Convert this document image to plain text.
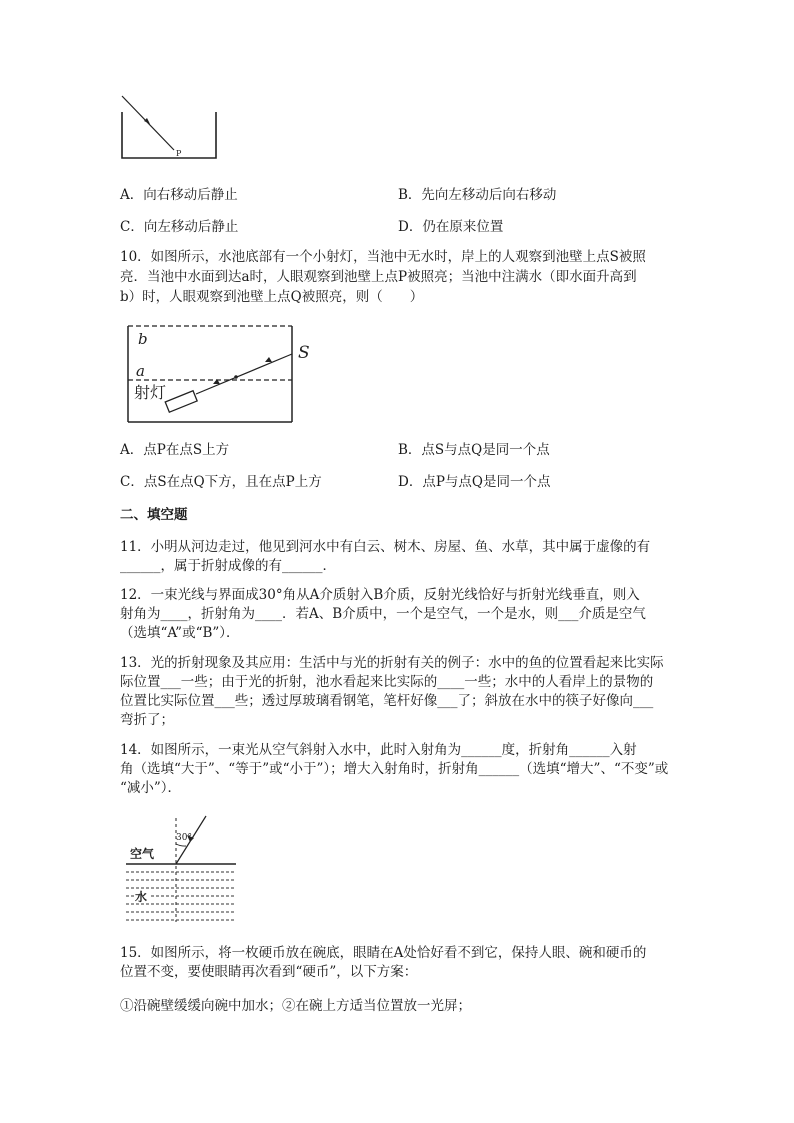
P
A．向右移动后静止	B．先向左移动后向右移动
C．向左移动后静止	D．仍在原来位置
10．如图所示，水池底部有一个小射灯，当池中无水时，岸上的人观察到池壁上点S被照
亮．当池中水面到达a时，人眼观察到池壁上点P被照亮；当池中注满水（即水面升高到
b）时，人眼观察到池壁上点Q被照亮，则（　　）
b
a
S
射灯
A．点P在点S上方	B．点S与点Q是同一个点
C．点S在点Q下方，且在点P上方	D．点P与点Q是同一个点
二、填空题
11．小明从河边走过，他见到河水中有白云、树木、房屋、鱼、水草，其中属于虚像的有
______，属于折射成像的有______．
12．一束光线与界面成30°角从A介质射入B介质，反射光线恰好与折射光线垂直，则入
射角为____，折射角为____．若A、B介质中，一个是空气，一个是水，则___介质是空气
（选填“A”或“B”）．
13．光的折射现象及其应用：生活中与光的折射有关的例子：水中的鱼的位置看起来比实际
际位置___一些；由于光的折射，池水看起来比实际的____一些；水中的人看岸上的景物的
位置比实际位置___些；透过厚玻璃看钢笔，笔杆好像___了；斜放在水中的筷子好像向___
弯折了；
14．如图所示，一束光从空气斜射入水中，此时入射角为______度，折射角______入射
角（选填“大于”、“等于”或“小于”）；增大入射角时，折射角______（选填“增大”、“不变”或
“减小”）．
30°
空气
水
15．如图所示，将一枚硬币放在碗底，眼睛在A处恰好看不到它，保持人眼、碗和硬币的
位置不变，要使眼睛再次看到“硬币”，以下方案：
①沿碗壁缓缓向碗中加水；②在碗上方适当位置放一光屏；
